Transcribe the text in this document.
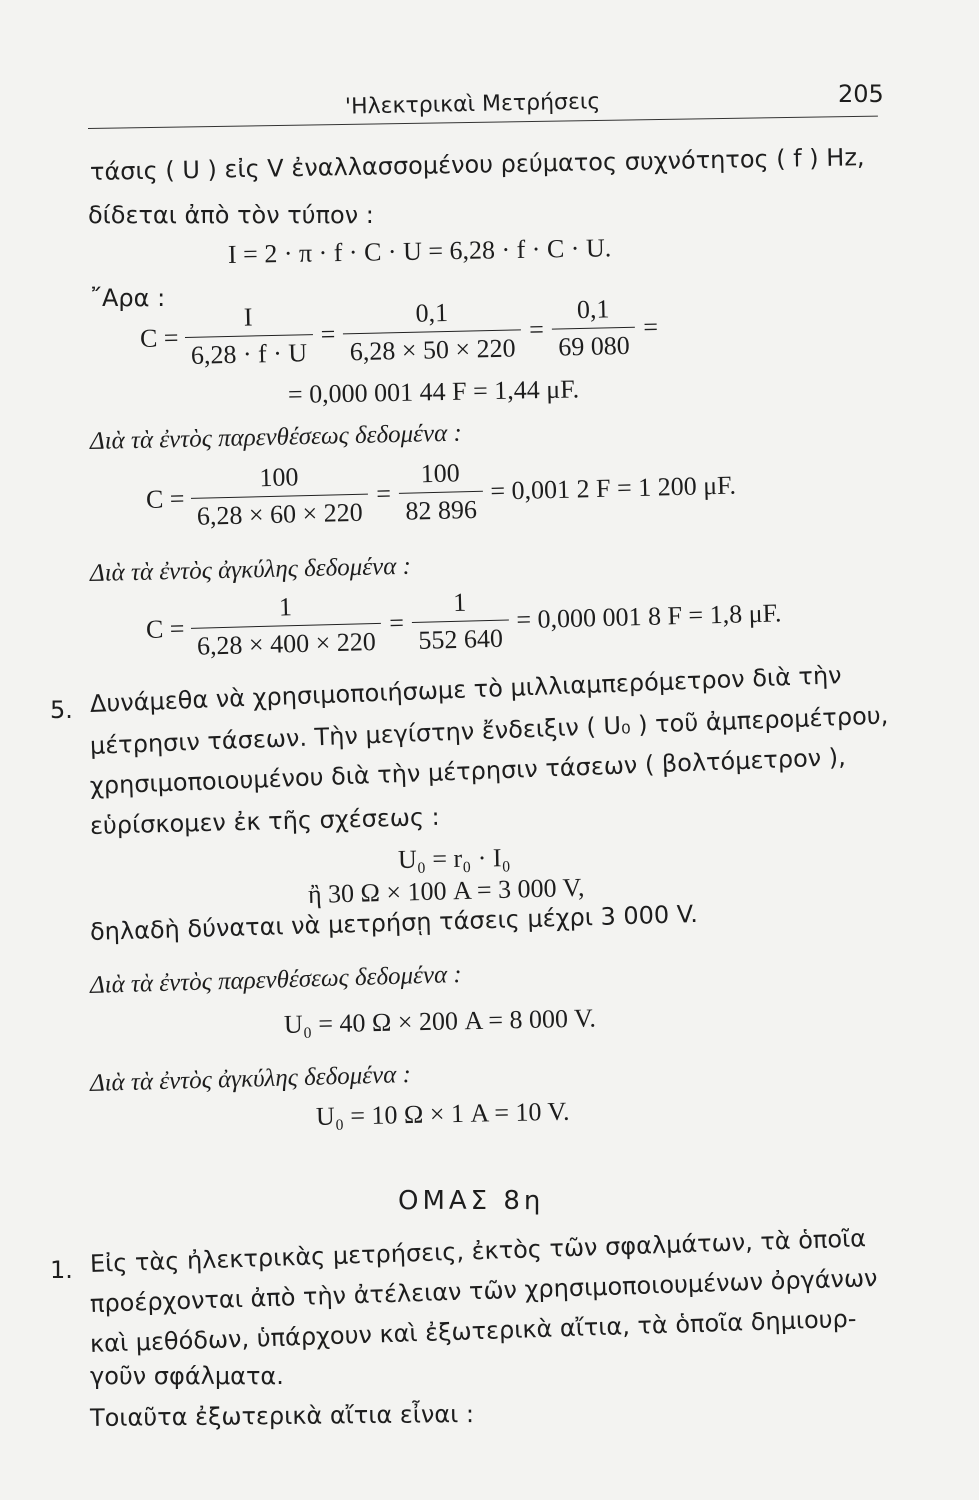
'Ηλεκτρικαὶ Μετρήσεις	205
τάσις ( U ) εἰς V ἐναλλασσομένου ρεύματος συχνότητος ( f ) Hz,
δίδεται ἀπὸ τὸν τύπον :
I = 2 · π · f · C · U = 6,28 · f · C · U.
῎Αρα :
$C = \frac{I}{6,28 \cdot f \cdot U} = \frac{0,1}{6,28 \times 50 \times 220} = \frac{0,1}{69 080}$ =
= 0,000 001 44 F = 1,44 μF.
Διὰ τὰ ἐντὸς παρενθέσεως δεδομένα :
$C = \frac{100}{6,28 \times 60 \times 220} = \frac{100}{82 896} = 0,001$ 2 F = 1 200 μF.
Διὰ τὰ ἐντὸς ἀγκύλης δεδομένα :
$C = \frac{1}{6,28 \times 400 \times 220} = \frac{1}{552 640} = 0,000$ 001 8 F = 1,8 μF.
5. Δυνάμεθα νὰ χρησιμοποιήσωμε τὸ μιλλιαμπερόμετρον διὰ τὴν
μέτρησιν τάσεων. Τὴν μεγίστην ἔνδειξιν ( U₀ ) τοῦ ἀμπερομέτρου,
χρησιμοποιουμένου διὰ τὴν μέτρησιν τάσεων ( βολτόμετρον ),
εὑρίσκομεν ἐκ τῆς σχέσεως :
U₀ = r₀ · I₀
ἢ 30 Ω × 100 A = 3 000 V,
δηλαδὴ δύναται νὰ μετρήσῃ τάσεις μέχρι 3 000 V.
Διὰ τὰ ἐντὸς παρενθέσεως δεδομένα :
U₀ = 40 Ω × 200 A = 8 000 V.
Διὰ τὰ ἐντὸς ἀγκύλης δεδομένα :
U₀ = 10 Ω × 1 A = 10 V.
ΟΜΑΣ 8η
1. Εἰς τὰς ἠλεκτρικὰς μετρήσεις, ἐκτὸς τῶν σφαλμάτων, τὰ ὁποῖα
προέρχονται ἀπὸ τὴν ἀτέλειαν τῶν χρησιμοποιουμένων ὀργάνων
καὶ μεθόδων, ὑπάρχουν καὶ ἐξωτερικὰ αἴτια, τὰ ὁποῖα δημιουρ-
γοῦν σφάλματα.
Τοιαῦτα ἐξωτερικὰ αἴτια εἶναι :
